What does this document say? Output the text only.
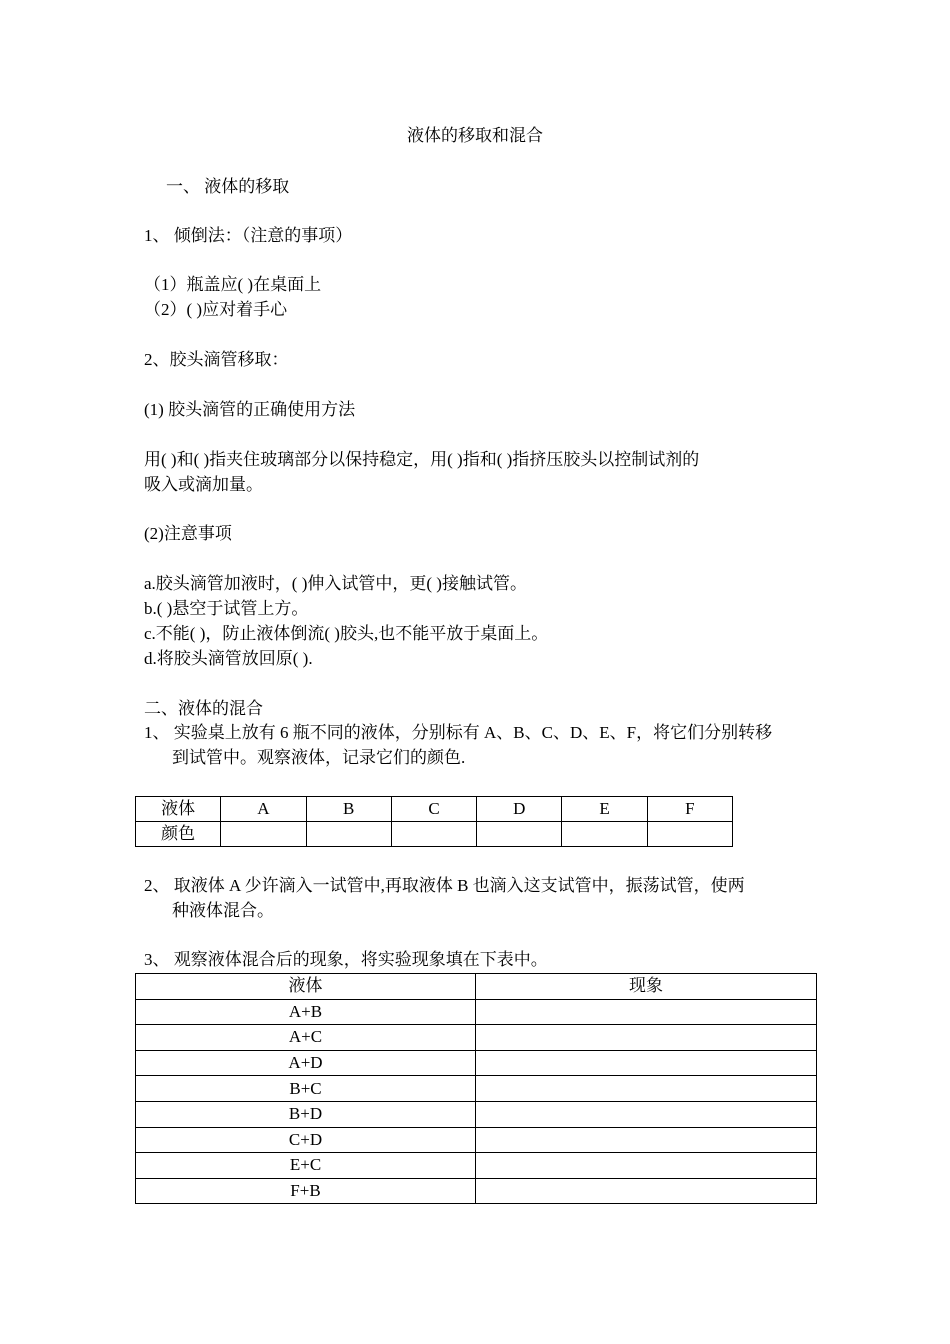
液体的移取和混合
一、 液体的移取
1、 倾倒法：（注意的事项）
（1）瓶盖应( )在桌面上
（2）( )应对着手心
2、胶头滴管移取：
(1) 胶头滴管的正确使用方法
用( )和( )指夹住玻璃部分以保持稳定，用( )指和( )指挤压胶头以控制试剂的
吸入或滴加量。
(2)注意事项
a.胶头滴管加液时，( )伸入试管中，更( )接触试管。
b.( )悬空于试管上方。
c.不能( )，防止液体倒流( )胶头,也不能平放于桌面上。
d.将胶头滴管放回原( ).
二、液体的混合
1、 实验桌上放有 6 瓶不同的液体，分别标有 A、B、C、D、E、F，将它们分别转移
到试管中。观察液体，记录它们的颜色.
液体	A	B	C	D	E	F
颜色						
2、 取液体 A 少许滴入一试管中,再取液体 B 也滴入这支试管中，振荡试管，使两
种液体混合。
3、 观察液体混合后的现象，将实验现象填在下表中。
液体	现象
A+B	
A+C	
A+D	
B+C	
B+D	
C+D	
E+C	
F+B	
